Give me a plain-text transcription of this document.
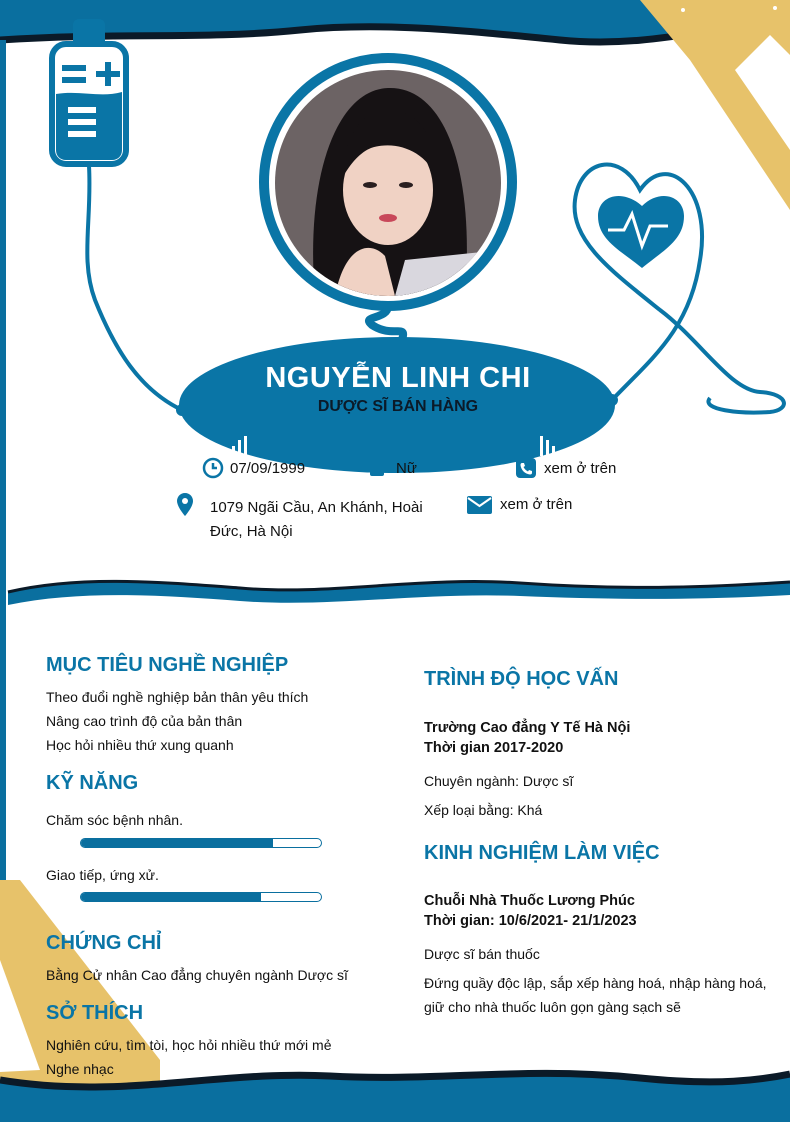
NGUYỄN LINH CHI
DƯỢC SĨ BÁN HÀNG
07/09/1999	Nữ	xem ở trên
1079 Ngãi Cầu, An Khánh, Hoài
Đức, Hà Nội
xem ở trên
MỤC TIÊU NGHỀ NGHIỆP
Theo đuổi nghề nghiệp bản thân yêu thích
Nâng cao trình độ của bản thân
Học hỏi nhiều thứ xung quanh
KỸ NĂNG
Chăm sóc bệnh nhân.
Giao tiếp, ứng xử.
CHỨNG CHỈ
Bằng Cử nhân Cao đẳng chuyên ngành Dược sĩ
SỞ THÍCH
Nghiên cứu, tìm tòi, học hỏi nhiều thứ mới mẻ
Nghe nhạc
TRÌNH ĐỘ HỌC VẤN
Trường Cao đẳng Y Tế Hà Nội
Thời gian 2017-2020
Chuyên ngành: Dược sĩ
Xếp loại bằng: Khá
KINH NGHIỆM LÀM VIỆC
Chuỗi Nhà Thuốc Lương Phúc
Thời gian: 10/6/2021- 21/1/2023
Dược sĩ bán thuốc
Đứng quầy độc lập, sắp xếp hàng hoá, nhập hàng hoá,
giữ cho nhà thuốc luôn gọn gàng sạch sẽ
